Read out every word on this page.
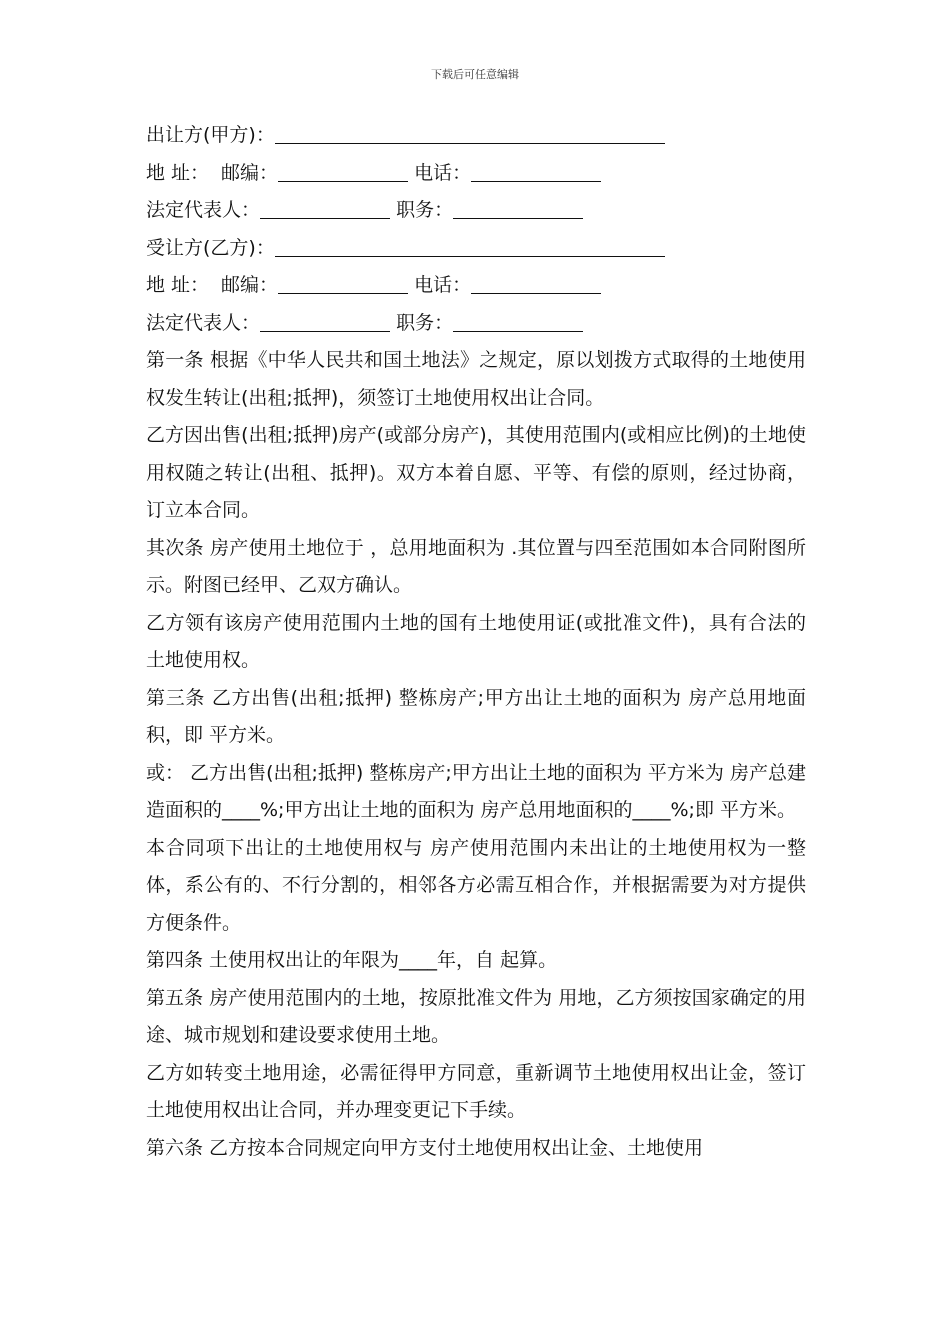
下载后可任意编辑
出让方(甲方)：
地 址： 邮编：	电话：
法定代表人：	职务：
受让方(乙方)：
地 址： 邮编：	电话：
法定代表人：	职务：
第一条 根据《中华人民共和国土地法》之规定，原以划拨方式取得的土地使用权发生转让(出租;抵押)，须签订土地使用权出让合同。
乙方因出售(出租;抵押)房产(或部分房产)，其使用范围内(或相应比例)的土地使用权随之转让(出租、抵押)。双方本着自愿、平等、有偿的原则，经过协商，订立本合同。
其次条 房产使用土地位于 ，总用地面积为 .其位置与四至范围如本合同附图所示。附图已经甲、乙双方确认。
乙方领有该房产使用范围内土地的国有土地使用证(或批准文件)，具有合法的土地使用权。
第三条 乙方出售(出租;抵押) 整栋房产;甲方出让土地的面积为 房产总用地面积，即 平方米。
或： 乙方出售(出租;抵押) 整栋房产;甲方出让土地的面积为 平方米为 房产总建造面积的____%;甲方出让土地的面积为 房产总用地面积的____%;即 平方米。
本合同项下出让的土地使用权与 房产使用范围内未出让的土地使用权为一整体，系公有的、不行分割的，相邻各方必需互相合作，并根据需要为对方提供方便条件。
第四条 土使用权出让的年限为____年，自 起算。
第五条 房产使用范围内的土地，按原批准文件为 用地，乙方须按国家确定的用途、城市规划和建设要求使用土地。
乙方如转变土地用途，必需征得甲方同意，重新调节土地使用权出让金，签订土地使用权出让合同，并办理变更记下手续。
第六条 乙方按本合同规定向甲方支付土地使用权出让金、土地使用
